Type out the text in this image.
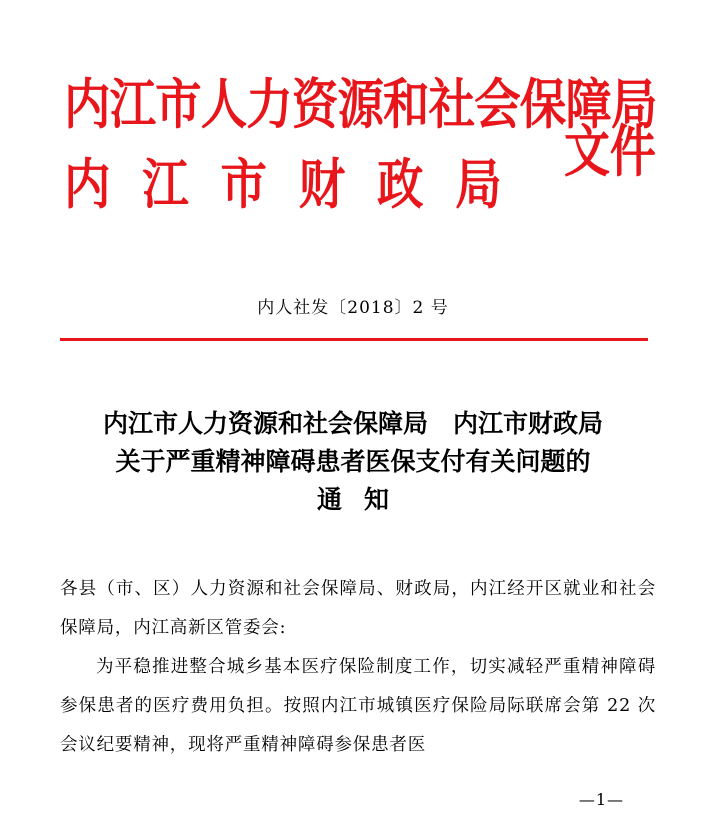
内江市人力资源和社会保障局
内江市财政局 文件
内人社发〔2018〕2 号
内江市人力资源和社会保障局　内江市财政局
关于严重精神障碍患者医保支付有关问题的
通知

各县（市、区）人力资源和社会保障局、财政局，内江经开区就业和社会保障局，内江高新区管委会:

为平稳推进整合城乡基本医疗保险制度工作，切实减轻严重精神障碍参保患者的医疗费用负担。按照内江市城镇医疗保险局际联席会第 22 次会议纪要精神，现将严重精神障碍参保患者医

—1—
